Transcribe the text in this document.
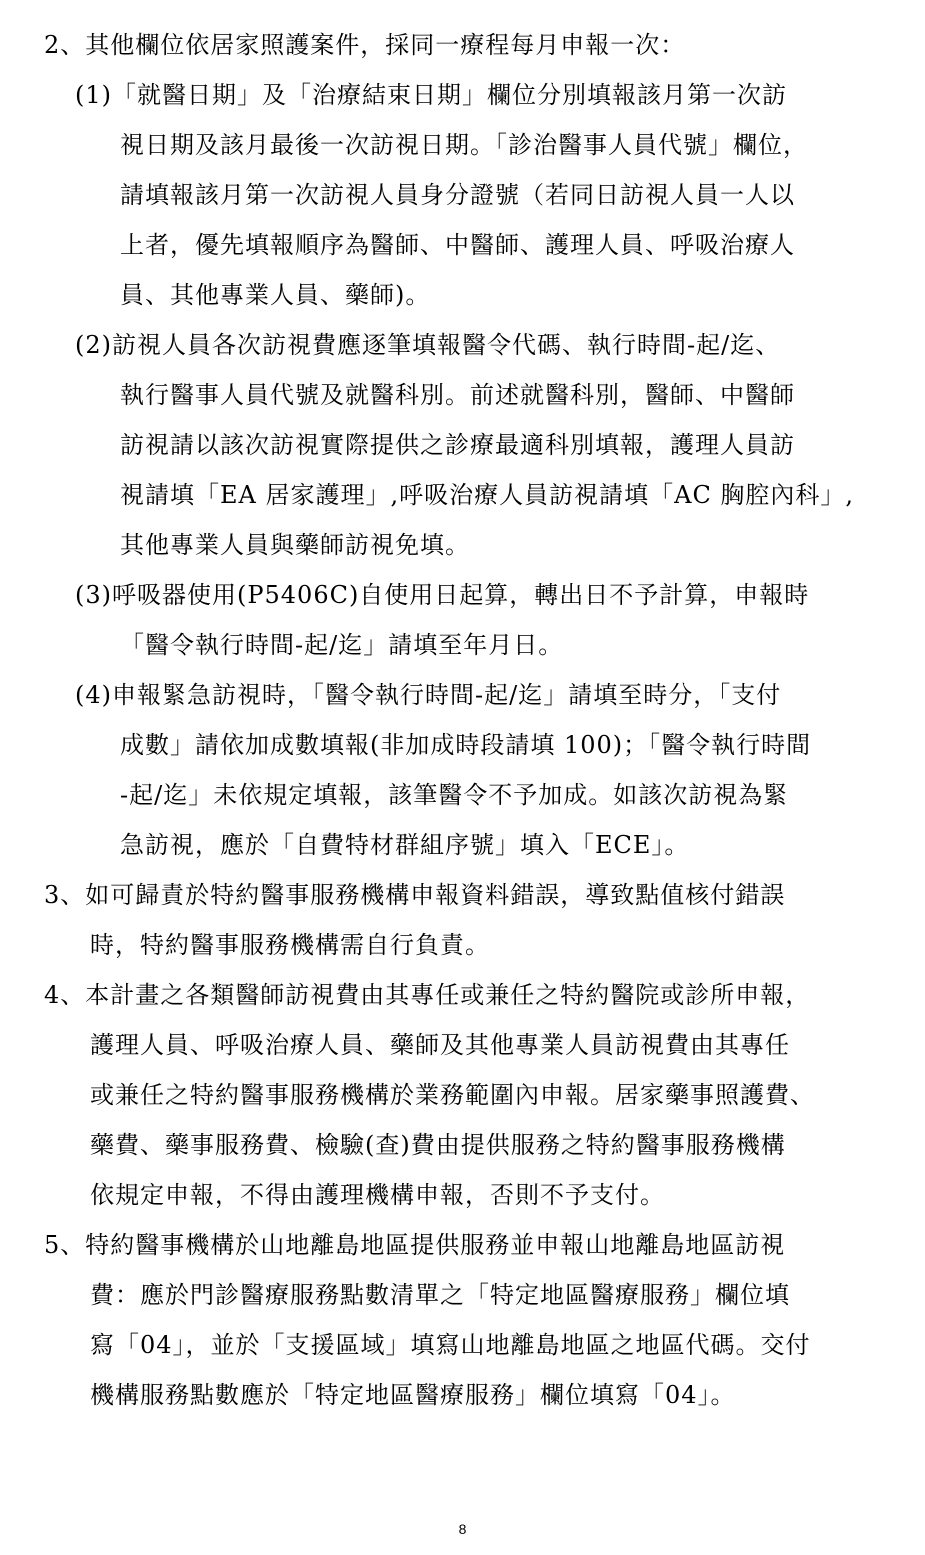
2、其他欄位依居家照護案件，採同一療程每月申報一次：
(1)「就醫日期」及「治療結束日期」欄位分別填報該月第一次訪
視日期及該月最後一次訪視日期。「診治醫事人員代號」欄位，
請填報該月第一次訪視人員身分證號（若同日訪視人員一人以
上者，優先填報順序為醫師、中醫師、護理人員、呼吸治療人
員、其他專業人員、藥師)。
(2)訪視人員各次訪視費應逐筆填報醫令代碼、執行時間-起/迄、
執行醫事人員代號及就醫科別。前述就醫科別，醫師、中醫師
訪視請以該次訪視實際提供之診療最適科別填報，護理人員訪
視請填「EA 居家護理」,呼吸治療人員訪視請填「AC 胸腔內科」,
其他專業人員與藥師訪視免填。
(3)呼吸器使用(P5406C)自使用日起算，轉出日不予計算，申報時
「醫令執行時間-起/迄」請填至年月日。
(4)申報緊急訪視時，「醫令執行時間-起/迄」請填至時分，「支付
成數」請依加成數填報(非加成時段請填 100)；「醫令執行時間
-起/迄」未依規定填報，該筆醫令不予加成。如該次訪視為緊
急訪視，應於「自費特材群組序號」填入「ECE」。
3、如可歸責於特約醫事服務機構申報資料錯誤，導致點值核付錯誤
時，特約醫事服務機構需自行負責。
4、本計畫之各類醫師訪視費由其專任或兼任之特約醫院或診所申報，
護理人員、呼吸治療人員、藥師及其他專業人員訪視費由其專任
或兼任之特約醫事服務機構於業務範圍內申報。居家藥事照護費、
藥費、藥事服務費、檢驗(查)費由提供服務之特約醫事服務機構
依規定申報，不得由護理機構申報，否則不予支付。
5、特約醫事機構於山地離島地區提供服務並申報山地離島地區訪視
費：應於門診醫療服務點數清單之「特定地區醫療服務」欄位填
寫「04」，並於「支援區域」填寫山地離島地區之地區代碼。交付
機構服務點數應於「特定地區醫療服務」欄位填寫「04」。
8
